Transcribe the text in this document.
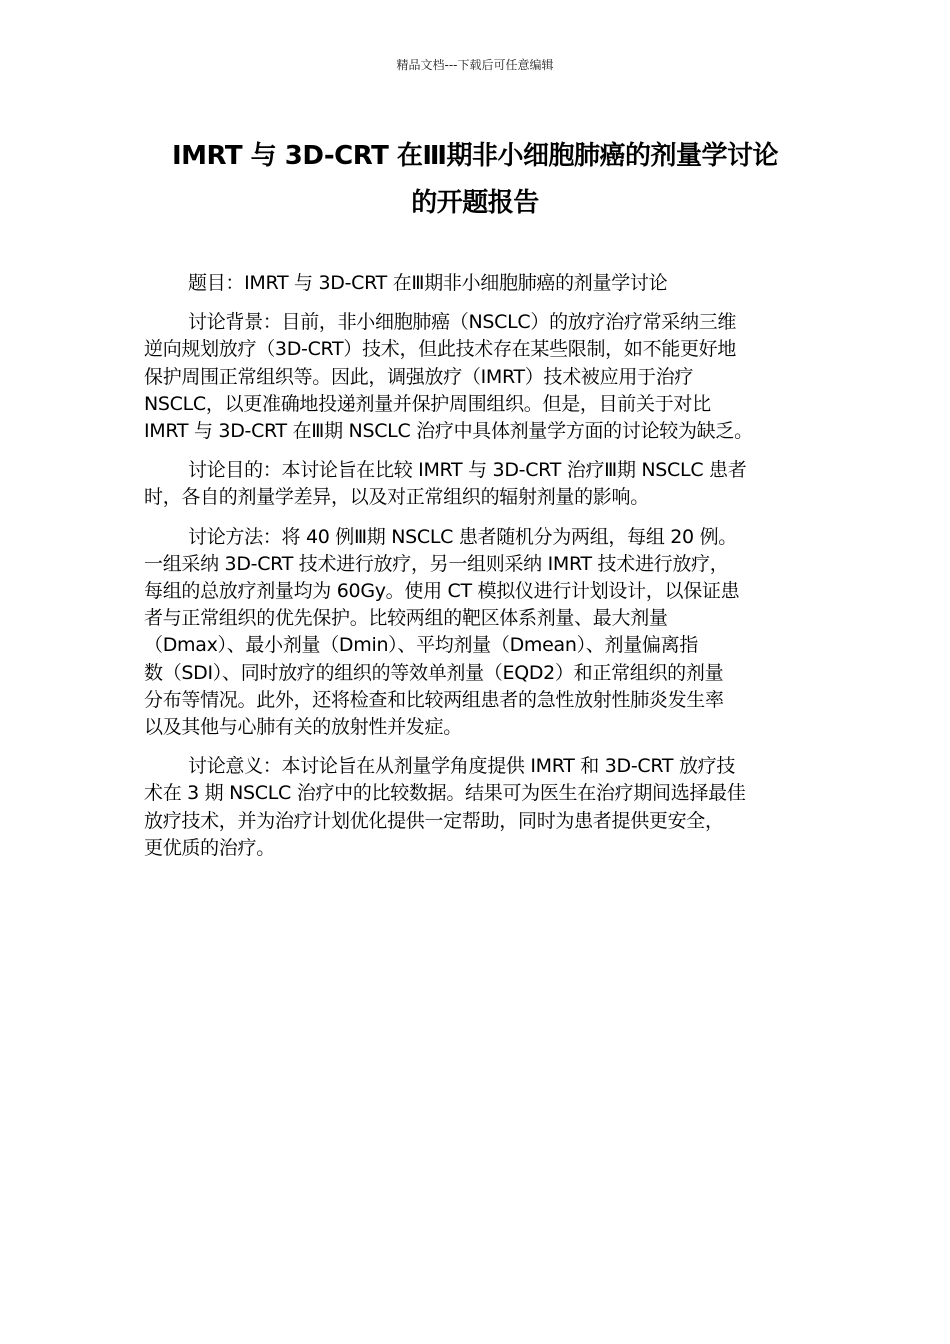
精品文档---下载后可任意编辑
IMRT 与 3D-CRT 在Ⅲ期非小细胞肺癌的剂量学讨论
的开题报告

题目：IMRT 与 3D-CRT 在Ⅲ期非小细胞肺癌的剂量学讨论

讨论背景：目前，非小细胞肺癌（NSCLC）的放疗治疗常采纳三维
逆向规划放疗（3D-CRT）技术，但此技术存在某些限制，如不能更好地
保护周围正常组织等。因此，调强放疗（IMRT）技术被应用于治疗
NSCLC，以更准确地投递剂量并保护周围组织。但是，目前关于对比
IMRT 与 3D-CRT 在Ⅲ期 NSCLC 治疗中具体剂量学方面的讨论较为缺乏。

讨论目的：本讨论旨在比较 IMRT 与 3D-CRT 治疗Ⅲ期 NSCLC 患者
时，各自的剂量学差异，以及对正常组织的辐射剂量的影响。

讨论方法：将 40 例Ⅲ期 NSCLC 患者随机分为两组，每组 20 例。
一组采纳 3D-CRT 技术进行放疗，另一组则采纳 IMRT 技术进行放疗，
每组的总放疗剂量均为 60Gy。使用 CT 模拟仪进行计划设计，以保证患
者与正常组织的优先保护。比较两组的靶区体系剂量、最大剂量
（Dmax）、最小剂量（Dmin）、平均剂量（Dmean）、剂量偏离指
数（SDI）、同时放疗的组织的等效单剂量（EQD2）和正常组织的剂量
分布等情况。此外，还将检查和比较两组患者的急性放射性肺炎发生率
以及其他与心肺有关的放射性并发症。

讨论意义：本讨论旨在从剂量学角度提供 IMRT 和 3D-CRT 放疗技
术在 3 期 NSCLC 治疗中的比较数据。结果可为医生在治疗期间选择最佳
放疗技术，并为治疗计划优化提供一定帮助，同时为患者提供更安全，
更优质的治疗。
